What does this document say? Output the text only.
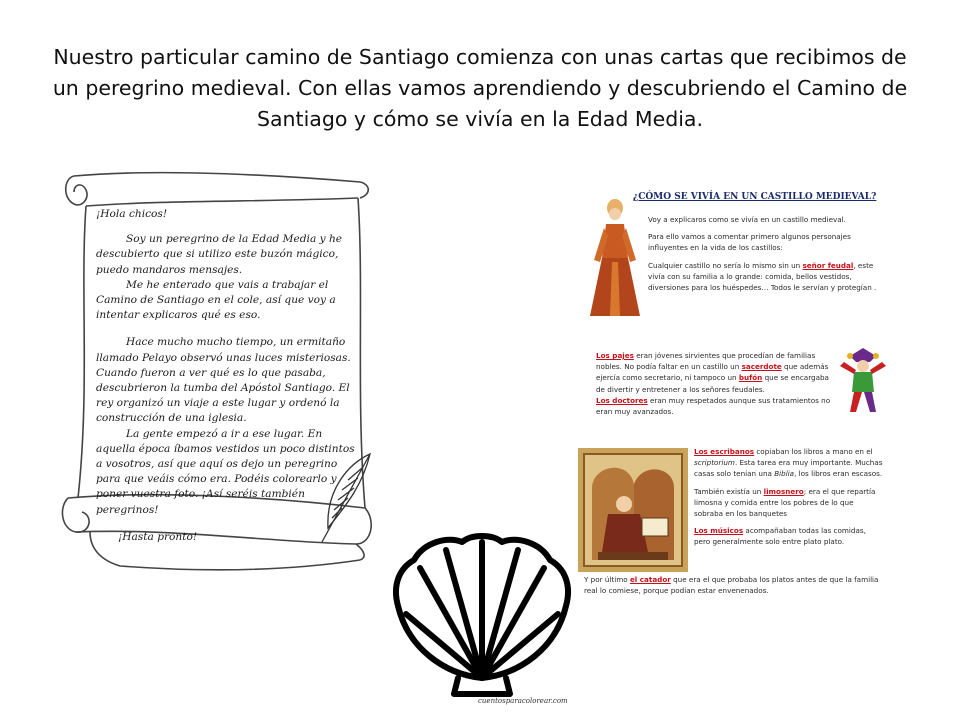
Nuestro particular camino de Santiago comienza con unas cartas que recibimos de un peregrino medieval. Con ellas vamos aprendiendo y descubriendo el Camino de Santiago y cómo se vivía en la Edad Media.

¡Hola chicos!

Soy un peregrino de la Edad Media y he descubierto que si utilizo este buzón mágico, puedo mandaros mensajes.

Me he enterado que vais a trabajar el Camino de Santiago en el cole, así que voy a intentar explicaros qué es eso.

Hace mucho mucho tiempo, un ermitaño llamado Pelayo observó unas luces misteriosas. Cuando fueron a ver qué es lo que pasaba, descubrieron la tumba del Apóstol Santiago. El rey organizó un viaje a este lugar y ordenó la construcción de una iglesia.

La gente empezó a ir a ese lugar. En aquella época íbamos vestidos un poco distintos a vosotros, así que aquí os dejo un peregrino para que veáis cómo era. Podéis colorearlo y poner vuestra foto. ¡Así seréis también peregrinos!

¡Hasta pronto!

cuentosparacolorear.com
¿CÓMO SE VIVÍA EN UN CASTILLO MEDIEVAL?

Voy a explicaros como se vivía en un castillo medieval.

Para ello vamos a comentar primero algunos personajes influyentes en la vida de los castillos:

Cualquier castillo no sería lo mismo sin un señor feudal, este vivía con su familia a lo grande: comida, bellos vestidos, diversiones para los huéspedes… Todos le servían y protegían .

Los pajes eran jóvenes sirvientes que procedían de familias nobles. No podía faltar en un castillo un sacerdote que además ejercía como secretario, ni tampoco un bufón que se encargaba de divertir y entretener a los señores feudales.

Los doctores eran muy respetados aunque sus tratamientos no eran muy avanzados.

Los escribanos copiaban los libros a mano en el scriptorium. Esta tarea era muy importante. Muchas casas solo tenían una Biblia, los libros eran escasos.

También existía un limosnero; era el que repartía limosna y comida entre los pobres de lo que sobraba en los banquetes

Los músicos acompañaban todas las comidas, pero generalmente solo entre plato plato.

Y por último el catador que era el que probaba los platos antes de que la familia real lo comiese, porque podían estar envenenados.
